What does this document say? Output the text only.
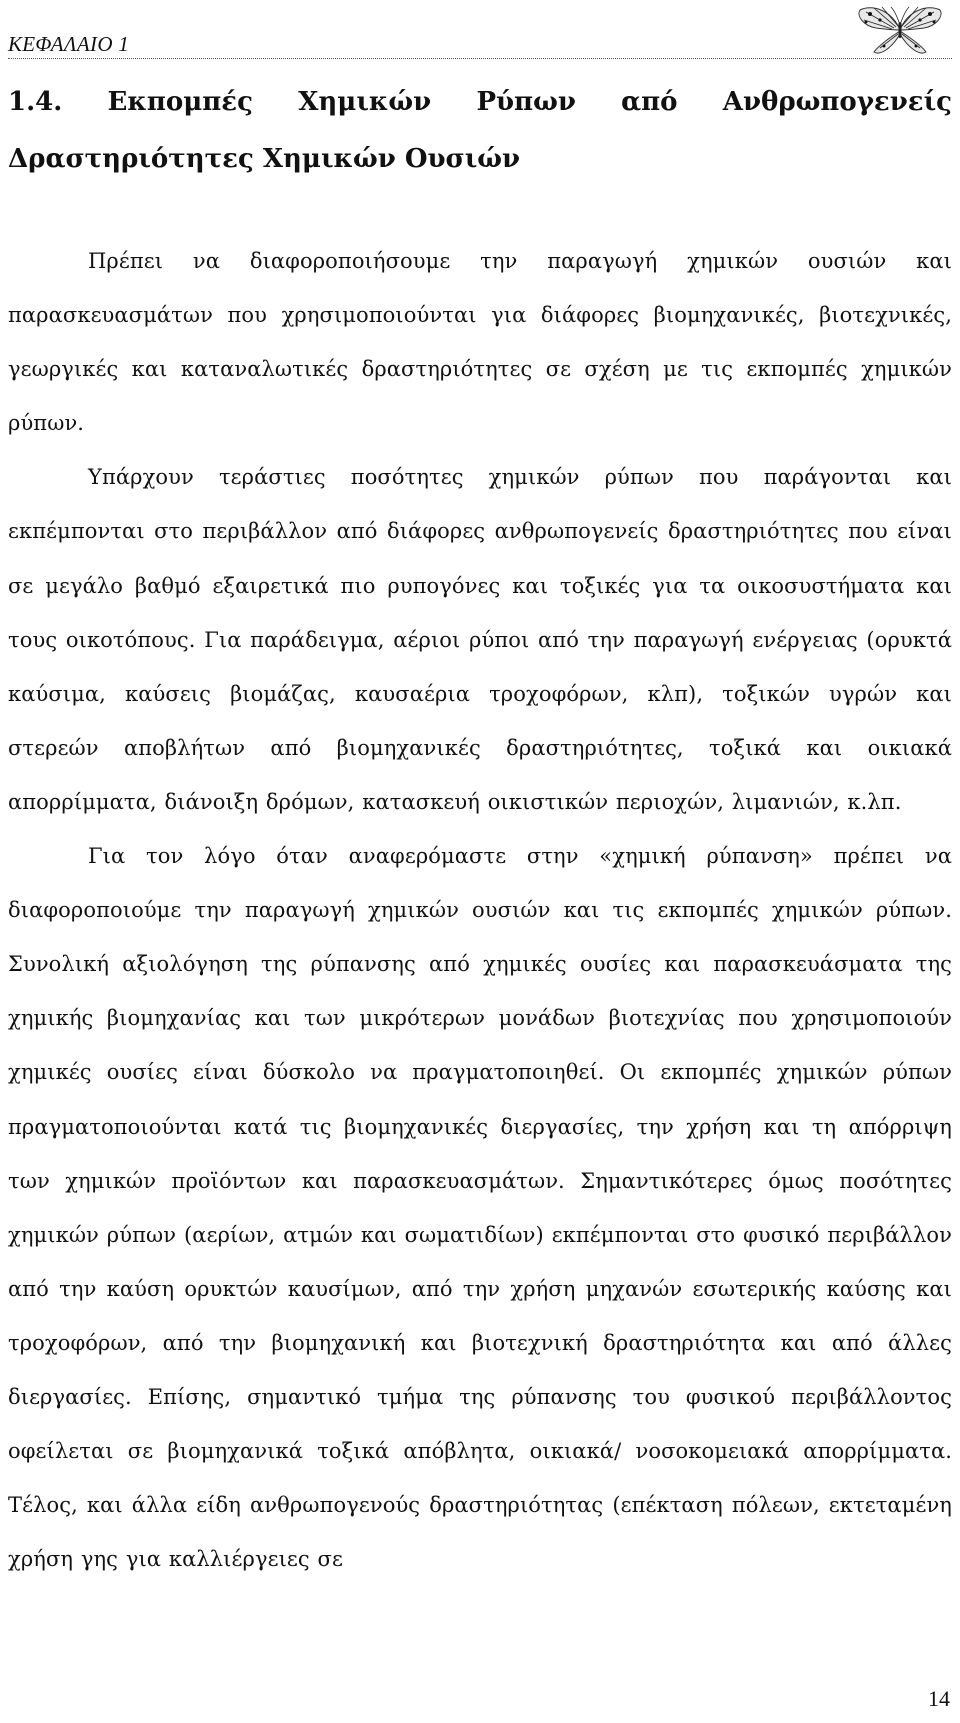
ΚΕΦΑΛΑΙΟ 1
1.4. Εκπομπές Χημικών Ρύπων από Ανθρωπογενείς Δραστηριότητες Χημικών Ουσιών

Πρέπει να διαφοροποιήσουμε την παραγωγή χημικών ουσιών και παρασκευασμάτων που χρησιμοποιούνται για διάφορες βιομηχανικές, βιοτεχνικές, γεωργικές και καταναλωτικές δραστηριότητες σε σχέση με τις εκπομπές χημικών ρύπων.

Υπάρχουν τεράστιες ποσότητες χημικών ρύπων που παράγονται και εκπέμπονται στο περιβάλλον από διάφορες ανθρωπογενείς δραστηριότητες που είναι σε μεγάλο βαθμό εξαιρετικά πιο ρυπογόνες και τοξικές για τα οικοσυστήματα και τους οικοτόπους. Για παράδειγμα, αέριοι ρύποι από την παραγωγή ενέργειας (ορυκτά καύσιμα, καύσεις βιομάζας, καυσαέρια τροχοφόρων, κλπ), τοξικών υγρών και στερεών αποβλήτων από βιομηχανικές δραστηριότητες, τοξικά και οικιακά απορρίμματα, διάνοιξη δρόμων, κατασκευή οικιστικών περιοχών, λιμανιών, κ.λπ.

Για τον λόγο όταν αναφερόμαστε στην «χημική ρύπανση» πρέπει να διαφοροποιούμε την παραγωγή χημικών ουσιών και τις εκπομπές χημικών ρύπων. Συνολική αξιολόγηση της ρύπανσης από χημικές ουσίες και παρασκευάσματα της χημικής βιομηχανίας και των μικρότερων μονάδων βιοτεχνίας που χρησιμοποιούν χημικές ουσίες είναι δύσκολο να πραγματοποιηθεί. Οι εκπομπές χημικών ρύπων πραγματοποιούνται κατά τις βιομηχανικές διεργασίες, την χρήση και τη απόρριψη των χημικών προϊόντων και παρασκευασμάτων. Σημαντικότερες όμως ποσότητες χημικών ρύπων (αερίων, ατμών και σωματιδίων) εκπέμπονται στο φυσικό περιβάλλον από την καύση ορυκτών καυσίμων, από την χρήση μηχανών εσωτερικής καύσης και τροχοφόρων, από την βιομηχανική και βιοτεχνική δραστηριότητα και από άλλες διεργασίες. Επίσης, σημαντικό τμήμα της ρύπανσης του φυσικού περιβάλλοντος οφείλεται σε βιομηχανικά τοξικά απόβλητα, οικιακά/ νοσοκομειακά απορρίμματα. Τέλος, και άλλα είδη ανθρωπογενούς δραστηριότητας (επέκταση πόλεων, εκτεταμένη χρήση γης για καλλιέργειες σε

14
